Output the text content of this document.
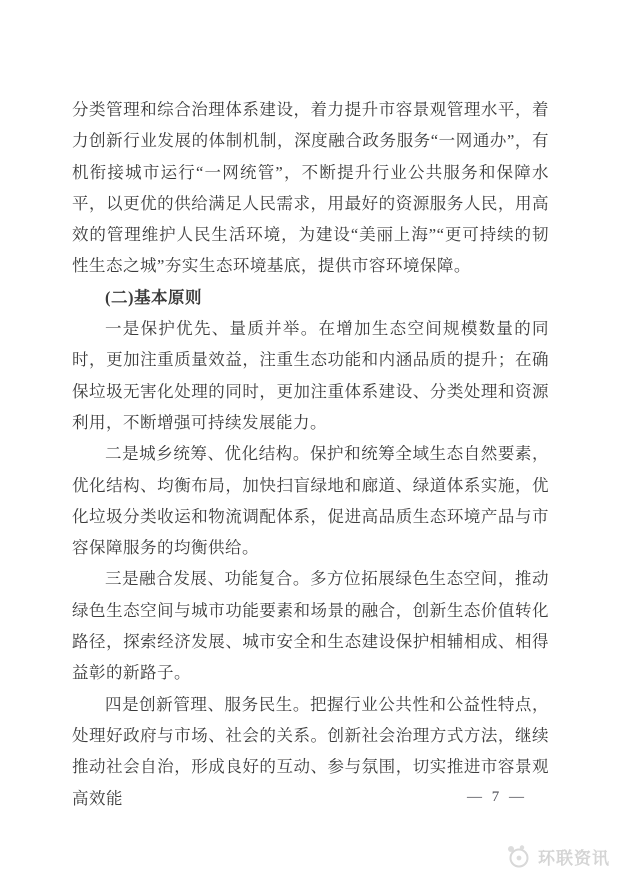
分类管理和综合治理体系建设，着力提升市容景观管理水平，着力创新行业发展的体制机制，深度融合政务服务“一网通办”，有机衔接城市运行“一网统管”，不断提升行业公共服务和保障水平，以更优的供给满足人民需求，用最好的资源服务人民，用高效的管理维护人民生活环境，为建设“美丽上海”“更可持续的韧性生态之城”夯实生态环境基底，提供市容环境保障。

(二)基本原则

一是保护优先、量质并举。在增加生态空间规模数量的同时，更加注重质量效益，注重生态功能和内涵品质的提升；在确保垃圾无害化处理的同时，更加注重体系建设、分类处理和资源利用，不断增强可持续发展能力。

二是城乡统筹、优化结构。保护和统筹全域生态自然要素，优化结构、均衡布局，加快扫盲绿地和廊道、绿道体系实施，优化垃圾分类收运和物流调配体系，促进高品质生态环境产品与市容保障服务的均衡供给。

三是融合发展、功能复合。多方位拓展绿色生态空间，推动绿色生态空间与城市功能要素和场景的融合，创新生态价值转化路径，探索经济发展、城市安全和生态建设保护相辅相成、相得益彰的新路子。

四是创新管理、服务民生。把握行业公共性和公益性特点，处理好政府与市场、社会的关系。创新社会治理方式方法，继续推动社会自治，形成良好的互动、参与氛围，切实推进市容景观高效能	— 7 —
环联资讯
